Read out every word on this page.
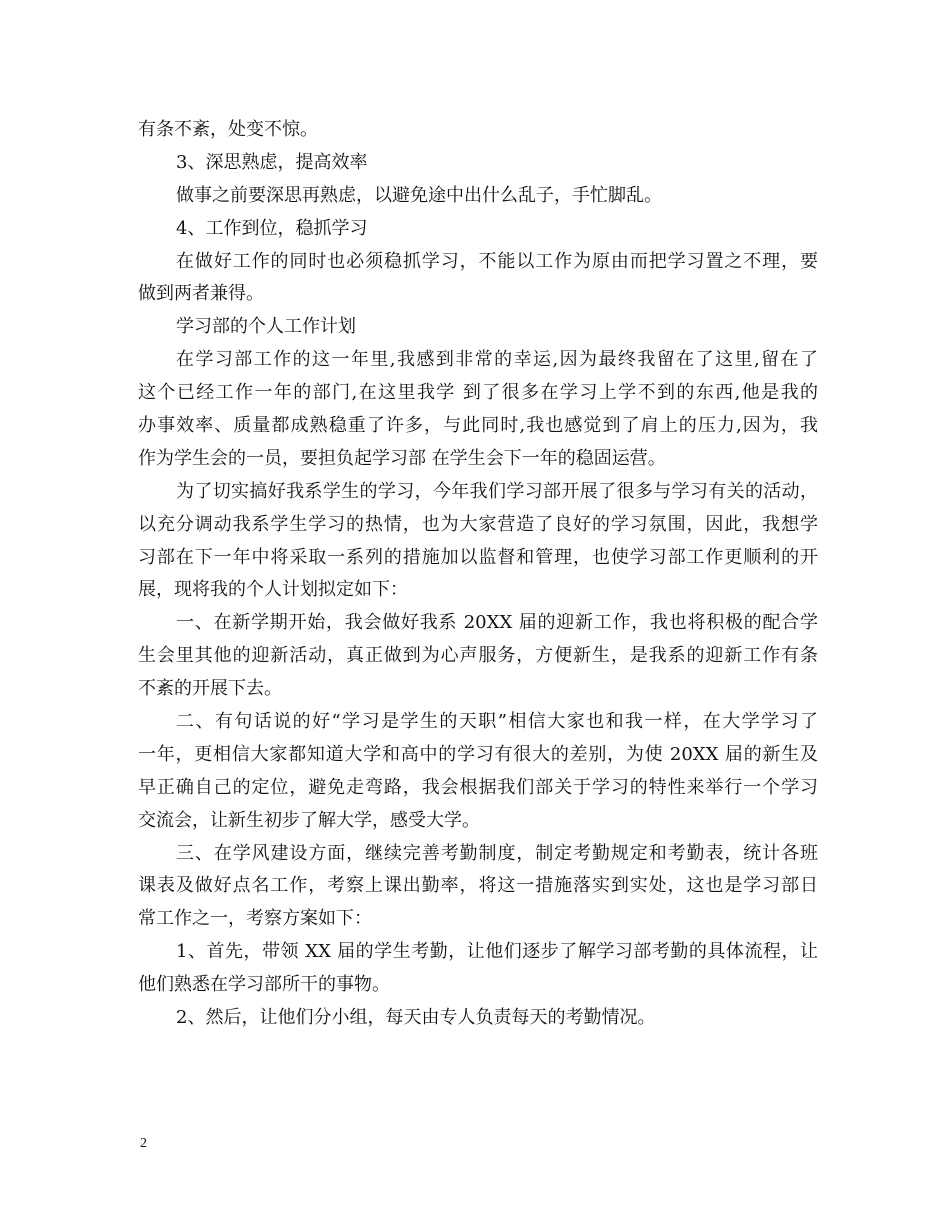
有条不紊，处变不惊。
3、深思熟虑，提高效率
做事之前要深思再熟虑，以避免途中出什么乱子，手忙脚乱。
4、工作到位，稳抓学习
在做好工作的同时也必须稳抓学习，不能以工作为原由而把学习置之不理，要
做到两者兼得。
学习部的个人工作计划
在学习部工作的这一年里,我感到非常的幸运,因为最终我留在了这里,留在了
这个已经工作一年的部门,在这里我学 到了很多在学习上学不到的东西,他是我的
办事效率、质量都成熟稳重了许多，与此同时,我也感觉到了肩上的压力,因为，我
作为学生会的一员，要担负起学习部 在学生会下一年的稳固运营。
为了切实搞好我系学生的学习，今年我们学习部开展了很多与学习有关的活动，
以充分调动我系学生学习的热情，也为大家营造了良好的学习氛围，因此，我想学
习部在下一年中将采取一系列的措施加以监督和管理，也使学习部工作更顺利的开
展，现将我的个人计划拟定如下：
一、在新学期开始，我会做好我系 20XX 届的迎新工作，我也将积极的配合学
生会里其他的迎新活动，真正做到为心声服务，方便新生，是我系的迎新工作有条
不紊的开展下去。
二、有句话说的好“学习是学生的天职”相信大家也和我一样，在大学学习了
一年，更相信大家都知道大学和高中的学习有很大的差别，为使 20XX 届的新生及
早正确自己的定位，避免走弯路，我会根据我们部关于学习的特性来举行一个学习
交流会，让新生初步了解大学，感受大学。
三、在学风建设方面，继续完善考勤制度，制定考勤规定和考勤表，统计各班
课表及做好点名工作，考察上课出勤率，将这一措施落实到实处，这也是学习部日
常工作之一，考察方案如下：
1、首先，带领 XX 届的学生考勤，让他们逐步了解学习部考勤的具体流程，让
他们熟悉在学习部所干的事物。
2、然后，让他们分小组，每天由专人负责每天的考勤情况。
2
